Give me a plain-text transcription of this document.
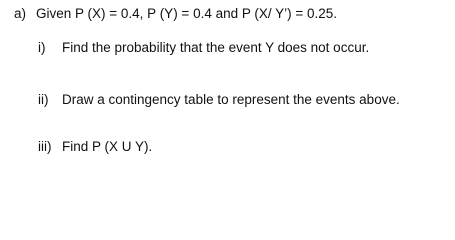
a) Given P (X) = 0.4, P (Y) = 0.4 and P (X/ Y’) = 0.25.
i) Find the probability that the event Y does not occur.
ii) Draw a contingency table to represent the events above.
iii) Find P (X U Y).
